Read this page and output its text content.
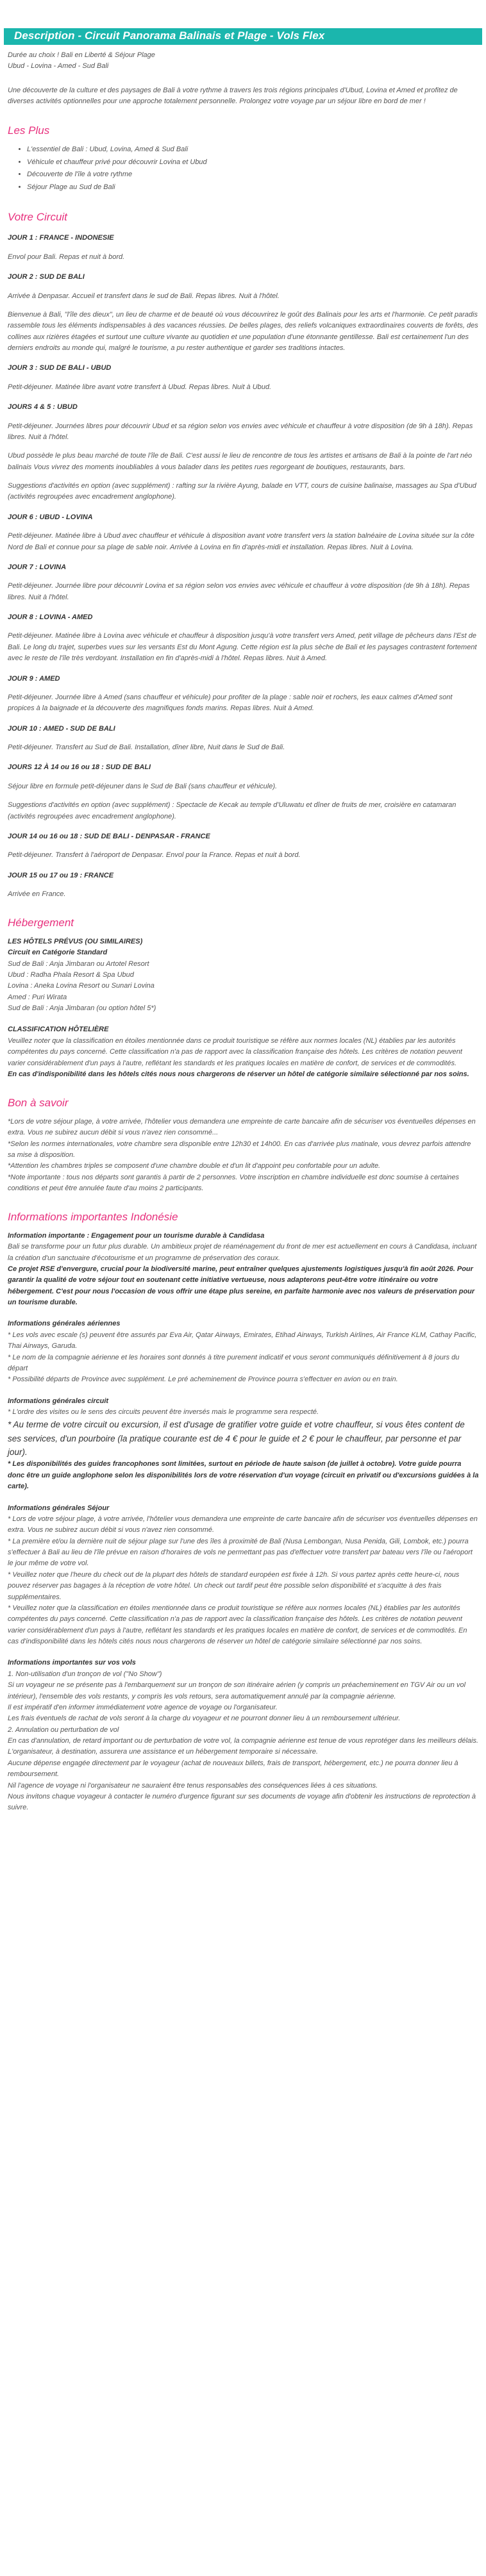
Description - Circuit Panorama Balinais et Plage - Vols Flex

Durée au choix ! Bali en Liberté & Séjour Plage

Ubud - Lovina - Amed - Sud Bali

Une découverte de la culture et des paysages de Bali à votre rythme à travers les trois régions principales d'Ubud, Lovina et Amed et profitez de diverses activités optionnelles pour une approche totalement personnelle. Prolongez votre voyage par un séjour libre en bord de mer !

Les Plus
• L'essentiel de Bali : Ubud, Lovina, Amed & Sud Bali
• Véhicule et chauffeur privé pour découvrir Lovina et Ubud
• Découverte de l'île à votre rythme
• Séjour Plage au Sud de Bali
Votre Circuit

JOUR 1 : FRANCE - INDONESIE

Envol pour Bali. Repas et nuit à bord.

JOUR 2 : SUD DE BALI

Arrivée à Denpasar. Accueil et transfert dans le sud de Bali. Repas libres. Nuit à l'hôtel.

Bienvenue à Bali, "l'île des dieux", un lieu de charme et de beauté où vous découvrirez le goût des Balinais pour les arts et l'harmonie. Ce petit paradis rassemble tous les éléments indispensables à des vacances réussies. De belles plages, des reliefs volcaniques extraordinaires couverts de forêts, des collines aux rizières étagées et surtout une culture vivante au quotidien et une population d'une étonnante gentillesse. Bali est certainement l'un des derniers endroits au monde qui, malgré le tourisme, a pu rester authentique et garder ses traditions intactes.

JOUR 3 : SUD DE BALI - UBUD

Petit-déjeuner. Matinée libre avant votre transfert à Ubud. Repas libres. Nuit à Ubud.

JOURS 4 & 5 : UBUD

Petit-déjeuner. Journées libres pour découvrir Ubud et sa région selon vos envies avec véhicule et chauffeur à votre disposition (de 9h à 18h). Repas libres. Nuit à l'hôtel.

Ubud possède le plus beau marché de toute l'île de Bali. C'est aussi le lieu de rencontre de tous les artistes et artisans de Bali à la pointe de l'art néo balinais Vous vivrez des moments inoubliables à vous balader dans les petites rues regorgeant de boutiques, restaurants, bars.

Suggestions d'activités en option (avec supplément) : rafting sur la rivière Ayung, balade en VTT, cours de cuisine balinaise, massages au Spa d'Ubud (activités regroupées avec encadrement anglophone).

JOUR 6 : UBUD - LOVINA

Petit-déjeuner. Matinée libre à Ubud avec chauffeur et véhicule à disposition avant votre transfert vers la station balnéaire de Lovina située sur la côte Nord de Bali et connue pour sa plage de sable noir. Arrivée à Lovina en fin d'après-midi et installation. Repas libres. Nuit à Lovina.

JOUR 7 : LOVINA

Petit-déjeuner. Journée libre pour découvrir Lovina et sa région selon vos envies avec véhicule et chauffeur à votre disposition (de 9h à 18h). Repas libres. Nuit à l'hôtel.

JOUR 8 : LOVINA - AMED

Petit-déjeuner. Matinée libre à Lovina avec véhicule et chauffeur à disposition jusqu'à votre transfert vers Amed, petit village de pêcheurs dans l'Est de Bali. Le long du trajet, superbes vues sur les versants Est du Mont Agung. Cette région est la plus sèche de Bali et les paysages contrastent fortement avec le reste de l'île très verdoyant. Installation en fin d'après-midi à l'hôtel. Repas libres. Nuit à Amed.

JOUR 9 : AMED

Petit-déjeuner. Journée libre à Amed (sans chauffeur et véhicule) pour profiter de la plage : sable noir et rochers, les eaux calmes d'Amed sont propices à la baignade et la découverte des magnifiques fonds marins. Repas libres. Nuit à Amed.

JOUR 10 : AMED - SUD DE BALI

Petit-déjeuner. Transfert au Sud de Bali. Installation, dîner libre, Nuit dans le Sud de Bali.

JOURS 12 À 14 ou 16 ou 18 : SUD DE BALI

Séjour libre en formule petit-déjeuner dans le Sud de Bali (sans chauffeur et véhicule).

Suggestions d'activités en option (avec supplément) : Spectacle de Kecak au temple d'Uluwatu et dîner de fruits de mer, croisière en catamaran (activités regroupées avec encadrement anglophone).

JOUR 14 ou 16 ou 18 : SUD DE BALI - DENPASAR - FRANCE

Petit-déjeuner. Transfert à l'aéroport de Denpasar. Envol pour la France. Repas et nuit à bord.

JOUR 15 ou 17 ou 19 : FRANCE

Arrivée en France.

Hébergement

LES HÔTELS PRÉVUS (OU SIMILAIRES)

Circuit en Catégorie Standard

Sud de Bali : Anja Jimbaran ou Artotel Resort

Ubud : Radha Phala Resort & Spa Ubud

Lovina : Aneka Lovina Resort ou Sunari Lovina

Amed : Puri Wirata

Sud de Bali : Anja Jimbaran (ou option hôtel 5*)

CLASSIFICATION HÔTELIÈRE

Veuillez noter que la classification en étoiles mentionnée dans ce produit touristique se réfère aux normes locales (NL) établies par les autorités compétentes du pays concerné. Cette classification n'a pas de rapport avec la classification française des hôtels. Les critères de notation peuvent varier considérablement d'un pays à l'autre, reflétant les standards et les pratiques locales en matière de confort, de services et de commodités.

En cas d'indisponibilité dans les hôtels cités nous nous chargerons de réserver un hôtel de catégorie similaire sélectionné par nos soins.

Bon à savoir

*Lors de votre séjour plage, à votre arrivée, l'hôtelier vous demandera une empreinte de carte bancaire afin de sécuriser vos éventuelles dépenses en extra. Vous ne subirez aucun débit si vous n'avez rien consommé...

*Selon les normes internationales, votre chambre sera disponible entre 12h30 et 14h00. En cas d'arrivée plus matinale, vous devrez parfois attendre sa mise à disposition.

*Attention les chambres triples se composent d'une chambre double et d'un lit d'appoint peu confortable pour un adulte.

*Note importante : tous nos départs sont garantis à partir de 2 personnes. Votre inscription en chambre individuelle est donc soumise à certaines conditions et peut être annulée faute d'au moins 2 participants.

Informations importantes Indonésie

Information importante : Engagement pour un tourisme durable à Candidasa

Bali se transforme pour un futur plus durable. Un ambitieux projet de réaménagement du front de mer est actuellement en cours à Candidasa, incluant la création d'un sanctuaire d'écotourisme et un programme de préservation des coraux.

Ce projet RSE d'envergure, crucial pour la biodiversité marine, peut entraîner quelques ajustements logistiques jusqu'à fin août 2026. Pour garantir la qualité de votre séjour tout en soutenant cette initiative vertueuse, nous adapterons peut-être votre itinéraire ou votre hébergement. C'est pour nous l'occasion de vous offrir une étape plus sereine, en parfaite harmonie avec nos valeurs de préservation pour un tourisme durable.

Informations générales aériennes

* Les vols avec escale (s) peuvent être assurés par Eva Air, Qatar Airways, Emirates, Etihad Airways, Turkish Airlines, Air France KLM, Cathay Pacific, Thai Airways, Garuda.

* Le nom de la compagnie aérienne et les horaires sont donnés à titre purement indicatif et vous seront communiqués définitivement à 8 jours du départ

* Possibilité départs de Province avec supplément. Le pré acheminement de Province pourra s'effectuer en avion ou en train.

Informations générales circuit

* L'ordre des visites ou le sens des circuits peuvent être inversés mais le programme sera respecté.

* Au terme de votre circuit ou excursion, il est d'usage de gratifier votre guide et votre chauffeur, si vous êtes content de ses services, d'un pourboire (la pratique courante est de 4 € pour le guide et 2 € pour le chauffeur, par personne et par jour).

* Les disponibilités des guides francophones sont limitées, surtout en période de haute saison (de juillet à octobre). Votre guide pourra donc être un guide anglophone selon les disponibilités lors de votre réservation d'un voyage (circuit en privatif ou d'excursions guidées à la carte).

Informations générales Séjour

* Lors de votre séjour plage, à votre arrivée, l'hôtelier vous demandera une empreinte de carte bancaire afin de sécuriser vos éventuelles dépenses en extra. Vous ne subirez aucun débit si vous n'avez rien consommé.

* La première et/ou la dernière nuit de séjour plage sur l'une des îles à proximité de Bali (Nusa Lembongan, Nusa Penida, Gili, Lombok, etc.) pourra s'effectuer à Bali au lieu de l'île prévue en raison d'horaires de vols ne permettant pas pas d'effectuer votre transfert par bateau vers l'île ou l'aéroport le jour même de votre vol.

* Veuillez noter que l'heure du check out de la plupart des hôtels de standard européen est fixée à 12h. Si vous partez après cette heure-ci, nous pouvez réserver pas bagages à la réception de votre hôtel. Un check out tardif peut être possible selon disponibilité et s'acquitte à des frais supplémentaires.

* Veuillez noter que la classification en étoiles mentionnée dans ce produit touristique se réfère aux normes locales (NL) établies par les autorités compétentes du pays concerné. Cette classification n'a pas de rapport avec la classification française des hôtels. Les critères de notation peuvent varier considérablement d'un pays à l'autre, reflétant les standards et les pratiques locales en matière de confort, de services et de commodités. En cas d'indisponibilité dans les hôtels cités nous nous chargerons de réserver un hôtel de catégorie similaire sélectionné par nos soins.

Informations importantes sur vos vols

1. Non-utilisation d'un tronçon de vol ("No Show")

Si un voyageur ne se présente pas à l'embarquement sur un tronçon de son itinéraire aérien (y compris un préacheminement en TGV Air ou un vol intérieur), l'ensemble des vols restants, y compris les vols retours, sera automatiquement annulé par la compagnie aérienne.

Il est impératif d'en informer immédiatement votre agence de voyage ou l'organisateur.

Les frais éventuels de rachat de vols seront à la charge du voyageur et ne pourront donner lieu à un remboursement ultérieur.

2. Annulation ou perturbation de vol

En cas d'annulation, de retard important ou de perturbation de votre vol, la compagnie aérienne est tenue de vous reprotéger dans les meilleurs délais.

L'organisateur, à destination, assurera une assistance et un hébergement temporaire si nécessaire.

Aucune dépense engagée directement par le voyageur (achat de nouveaux billets, frais de transport, hébergement, etc.) ne pourra donner lieu à remboursement.

Nil l'agence de voyage ni l'organisateur ne sauraient être tenus responsables des conséquences liées à ces situations.

Nous invitons chaque voyageur à contacter le numéro d'urgence figurant sur ses documents de voyage afin d'obtenir les instructions de reprotection à suivre.
